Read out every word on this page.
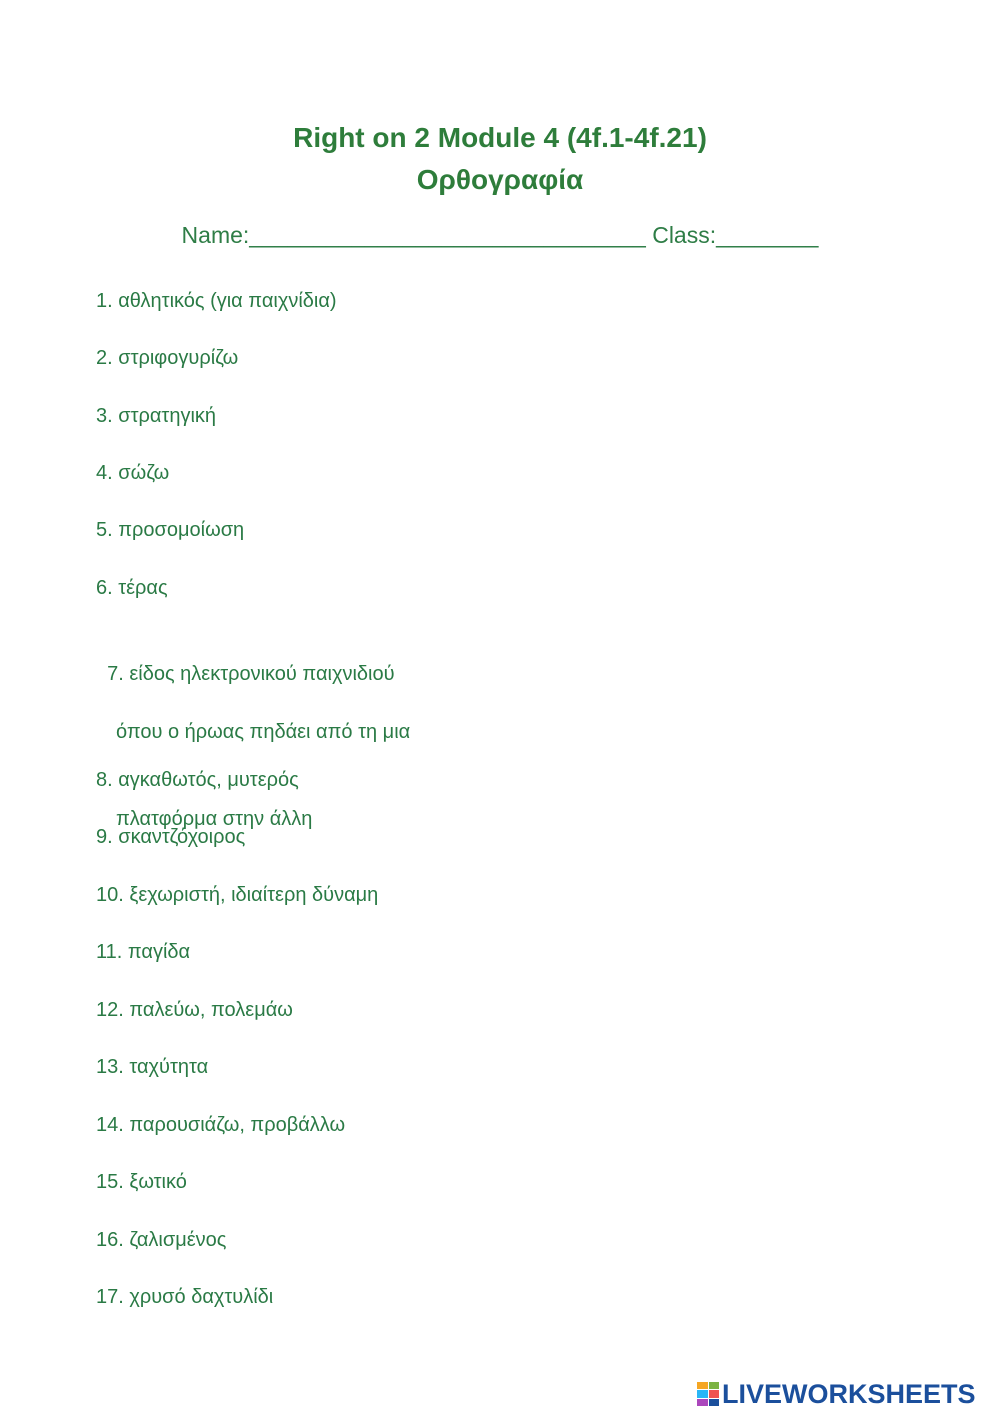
Right on 2 Module 4 (4f.1-4f.21)
Ορθογραφία
Name:_______________________________ Class:________
1. αθλητικός (για παιχνίδια)
2. στριφογυρίζω
3. στρατηγική
4. σώζω
5. προσομοίωση
6. τέρας

7. είδος ηλεκτρονικού παιχνιδιού

όπου ο ήρωας πηδάει από τη μια

πλατφόρμα στην άλλη

8. αγκαθωτός, μυτερός
9. σκαντζόχοιρος
10. ξεχωριστή, ιδιαίτερη δύναμη
11. παγίδα
12. παλεύω, πολεμάω
13. ταχύτητα
14. παρουσιάζω, προβάλλω
15. ξωτικό
16. ζαλισμένος
17. χρυσό δαχτυλίδι
LIVEWORKSHEETS
